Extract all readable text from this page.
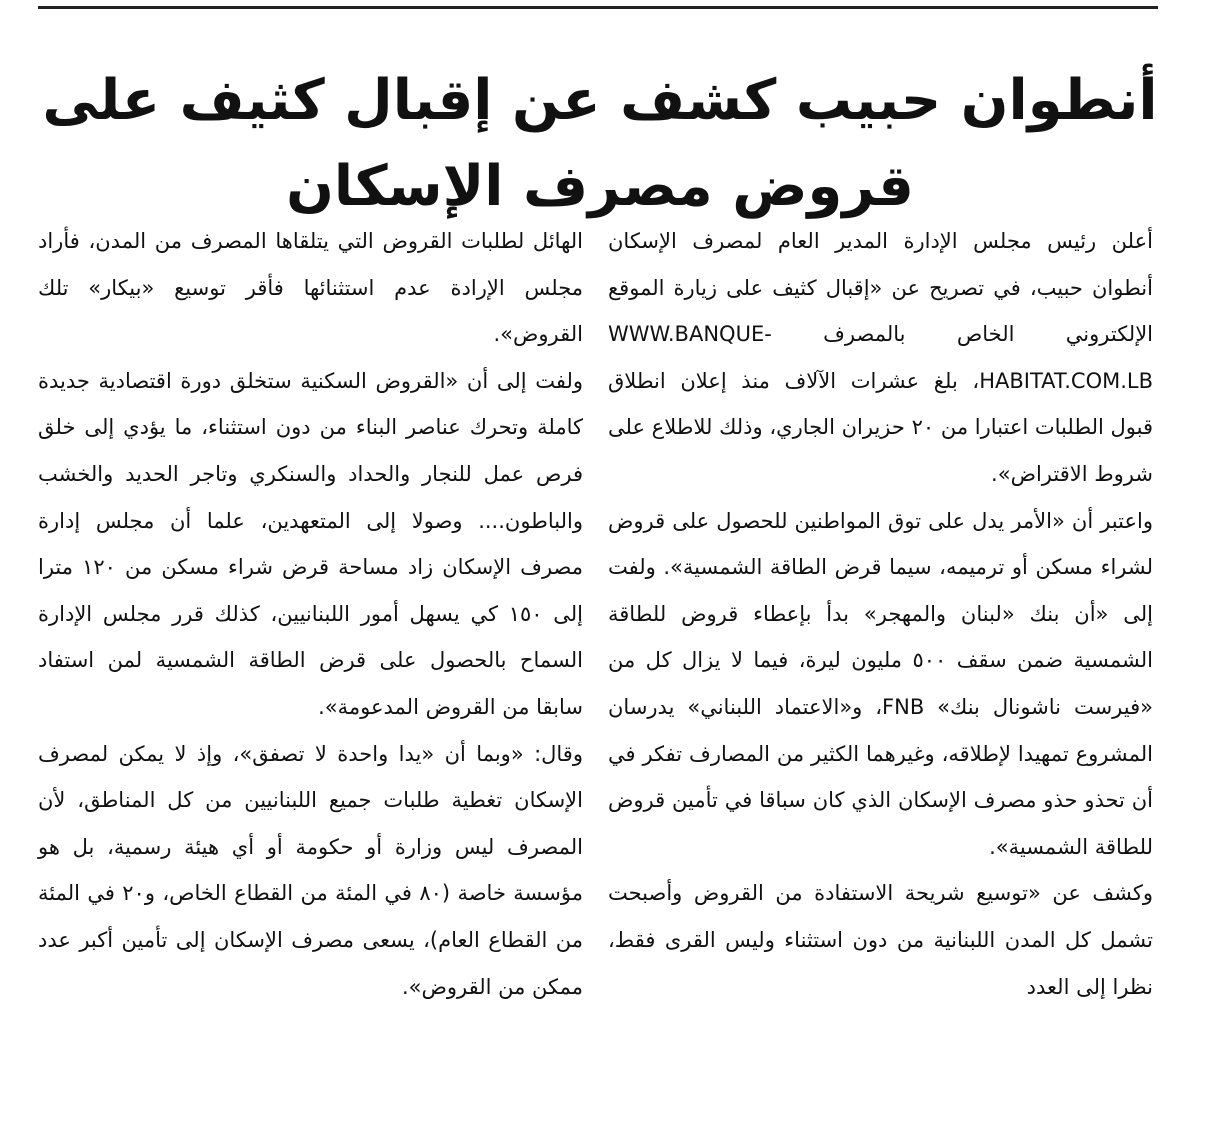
أنطوان حبيب كشف عن إقبال كثيف على قروض مصرف الإسكان

أعلن رئيس مجلس الإدارة المدير العام لمصرف الإسكان أنطوان حبيب، في تصريح عن «إقبال كثيف على زيارة الموقع الإلكتروني الخاص بالمصرف WWW.BANQUE-HABITAT.COM.LB، بلغ عشرات الآلاف منذ إعلان انطلاق قبول الطلبات اعتبارا من ٢٠ حزيران الجاري، وذلك للاطلاع على شروط الاقتراض».

واعتبر أن «الأمر يدل على توق المواطنين للحصول على قروض لشراء مسكن أو ترميمه، سيما قرض الطاقة الشمسية». ولفت إلى «أن بنك «لبنان والمهجر» بدأ بإعطاء قروض للطاقة الشمسية ضمن سقف ٥٠٠ مليون ليرة، فيما لا يزال كل من «فيرست ناشونال بنك» FNB، و«الاعتماد اللبناني» يدرسان المشروع تمهيدا لإطلاقه، وغيرهما الكثير من المصارف تفكر في أن تحذو حذو مصرف الإسكان الذي كان سباقا في تأمين قروض للطاقة الشمسية».

وكشف عن «توسيع شريحة الاستفادة من القروض وأصبحت تشمل كل المدن اللبنانية من دون استثناء وليس القرى فقط، نظرا إلى العدد

الهائل لطلبات القروض التي يتلقاها المصرف من المدن، فأراد مجلس الإرادة عدم استثنائها فأقر توسيع «بيكار» تلك القروض».

ولفت إلى أن «القروض السكنية ستخلق دورة اقتصادية جديدة كاملة وتحرك عناصر البناء من دون استثناء، ما يؤدي إلى خلق فرص عمل للنجار والحداد والسنكري وتاجر الحديد والخشب والباطون.... وصولا إلى المتعهدين، علما أن مجلس إدارة مصرف الإسكان زاد مساحة قرض شراء مسكن من ١٢٠ مترا إلى ١٥٠ كي يسهل أمور اللبنانيين، كذلك قرر مجلس الإدارة السماح بالحصول على قرض الطاقة الشمسية لمن استفاد سابقا من القروض المدعومة».

وقال: «وبما أن «يدا واحدة لا تصفق»، وإذ لا يمكن لمصرف الإسكان تغطية طلبات جميع اللبنانيين من كل المناطق، لأن المصرف ليس وزارة أو حكومة أو أي هيئة رسمية، بل هو مؤسسة خاصة (٨٠ في المئة من القطاع الخاص، و٢٠ في المئة من القطاع العام)، يسعى مصرف الإسكان إلى تأمين أكبر عدد ممكن من القروض».
